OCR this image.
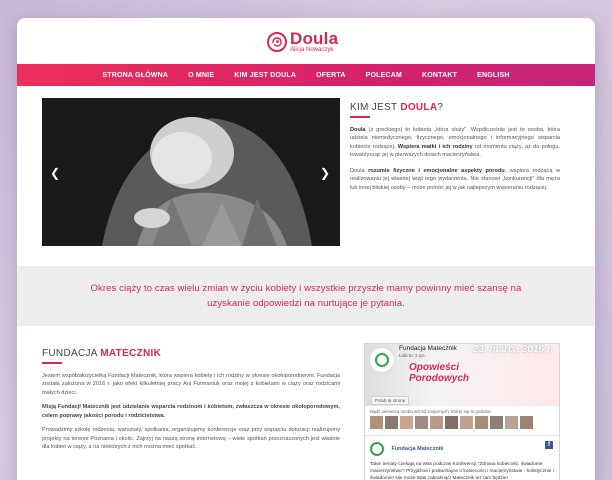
Doula
Alicja Nowaczyk
STRONA GŁÓWNA	O MNIE	KIM JEST DOULA	OFERTA	POLECAM	KONTAKT	ENGLISH
❮	❯
KIM JEST DOULA?

Doula (z greckiego) to kobieta „która służy”. Współcześnie jest to osoba, która udziela niemedycznego, fizycznego, emocjonalnego i informacyjnego wsparcia kobiecie rodzącej. Wspiera matki i ich rodziny od momentu ciąży, aż do połogu, towarzysząc jej w pierwszych dniach macierzyństwa.

Doula rozumie fizyczne i emocjonalne aspekty porodu, wspiera rodzącą w realizowaniu jej własnej wizji tego wydarzenia. Nie stanowi „konkurencji” dla męża lub innej bliskiej osoby – może pomóc jej w jak najlepszym wspieraniu rodzącej.

Okres ciąży to czas wielu zmian w życiu kobiety i wszystkie przyszłe mamy powinny mieć szansę na uzyskanie odpowiedzi na nurtujące je pytania.

FUNDACJA MATECZNIK

Jestem współzałożycielką Fundacji Matecznik, która wspiera kobiety i ich rodziny w okresie okołoporodowym. Fundacja została założona w 2016 r. jako efekt kilkuletniej pracy Ani Furmaniuk oraz mojej z kobietami w ciąży oraz rodzicami małych dzieci.

Misją Fundacji Matecznik jest udzielanie wsparcia rodzinom i kobietom, zwłaszcza w okresie okołoporodowym, celem poprawy jakości porodu i rodzicielstwa.

Prowadzimy szkołę rodzenia, warsztaty, spotkania, organizujemy konferencje oraz przy wsparciu doturacji realizujemy projekty na terenie Poznania i okolic. Zajrzyj na naszą stronę internetową – wiele spotkań przeznaczonych jest właśnie dla kobiet w ciąży, a na niektórych z nich można mieć spotkać.

Fundacja Matecznik
Lubi to: 1 tys.
23. marca 2016 r.
Opowieści
Porodowych
Polub tę stronę
Bądź pierwszą osobą wśród znajomych, której się to podoba
Fundacja Matecznik
f

Takie tematy czekają na Was podczas Konferencji "Zdrowa kobiecość, świadome macierzyństwo"! Przyjdźcie i posłuchajcie o kobiecości i macierzyństwie - holistycznie i świadomie! Nie może Was zabraknąć! Matecznik też tam będzie!
